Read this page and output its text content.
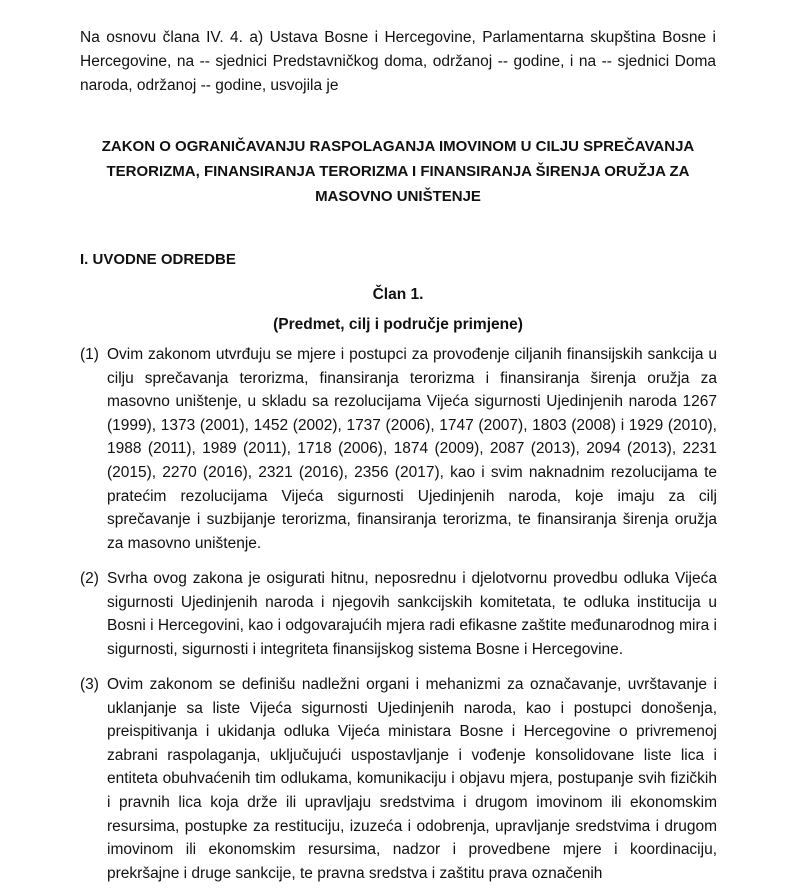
Na osnovu člana IV. 4. a) Ustava Bosne i Hercegovine, Parlamentarna skupština Bosne i Hercegovine, na -- sjednici Predstavničkog doma, održanoj -- godine, i na -- sjednici Doma naroda, održanoj -- godine, usvojila je
ZAKON O OGRANIČAVANJU RASPOLAGANJA IMOVINOM U CILJU SPREČAVANJA TERORIZMA, FINANSIRANJA TERORIZMA I FINANSIRANJA ŠIRENJA ORUŽJA ZA MASOVNO UNIŠTENJE
I. UVODNE ODREDBE
Član 1.
(Predmet, cilj i područje primjene)
(1) Ovim zakonom utvrđuju se mjere i postupci za provođenje ciljanih finansijskih sankcija u cilju sprečavanja terorizma, finansiranja terorizma i finansiranja širenja oružja za masovno uništenje, u skladu sa rezolucijama Vijeća sigurnosti Ujedinjenih naroda 1267 (1999), 1373 (2001), 1452 (2002), 1737 (2006), 1747 (2007), 1803 (2008) i 1929 (2010), 1988 (2011), 1989 (2011), 1718 (2006), 1874 (2009), 2087 (2013), 2094 (2013), 2231 (2015), 2270 (2016), 2321 (2016), 2356 (2017), kao i svim naknadnim rezolucijama te pratećim rezolucijama Vijeća sigurnosti Ujedinjenih naroda, koje imaju za cilj sprečavanje i suzbijanje terorizma, finansiranja terorizma, te finansiranja širenja oružja za masovno uništenje.
(2) Svrha ovog zakona je osigurati hitnu, neposrednu i djelotvornu provedbu odluka Vijeća sigurnosti Ujedinjenih naroda i njegovih sankcijskih komitetata, te odluka institucija u Bosni i Hercegovini, kao i odgovarajućih mjera radi efikasne zaštite međunarodnog mira i sigurnosti, sigurnosti i integriteta finansijskog sistema Bosne i Hercegovine.
(3) Ovim zakonom se definišu nadležni organi i mehanizmi za označavanje, uvrštavanje i uklanjanje sa liste Vijeća sigurnosti Ujedinjenih naroda, kao i postupci donošenja, preispitivanja i ukidanja odluka Vijeća ministara Bosne i Hercegovine o privremenoj zabrani raspolaganja, uključujući uspostavljanje i vođenje konsolidovane liste lica i entiteta obuhvaćenih tim odlukama, komunikaciju i objavu mjera, postupanje svih fizičkih i pravnih lica koja drže ili upravljaju sredstvima i drugom imovinom ili ekonomskim resursima, postupke za restituciju, izuzeća i odobrenja, upravljanje sredstvima i drugom imovinom ili ekonomskim resursima, nadzor i provedbene mjere i koordinaciju, prekršajne i druge sankcije, te pravna sredstva i zaštitu prava označenih
